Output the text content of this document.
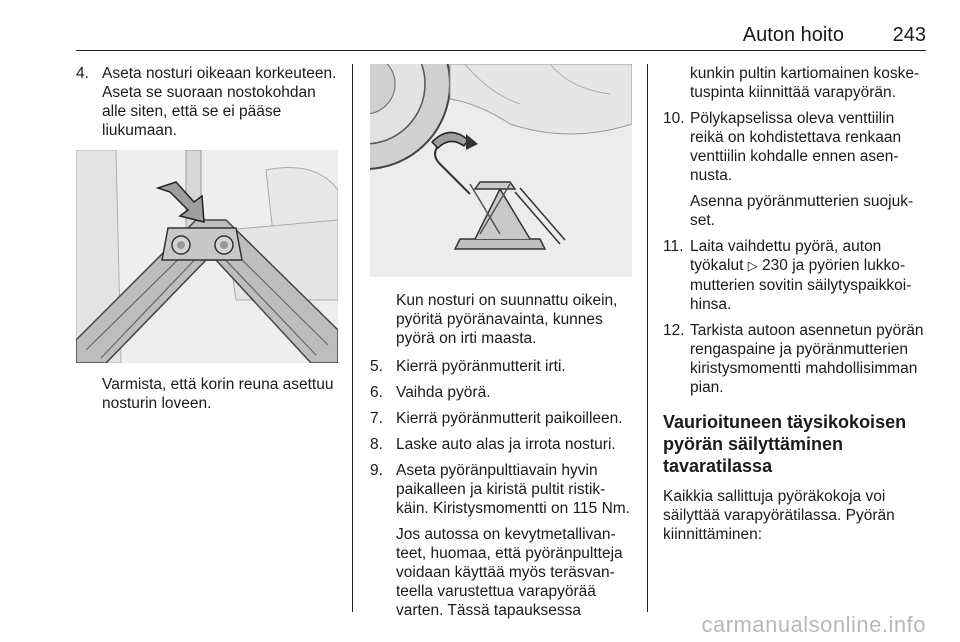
Auton hoito 243
4. Aseta nosturi oikeaan korkeuteen. Aseta se suoraan nostokohdan alle siten, että se ei pääse liukumaan.

Varmista, että korin reuna asettuu nosturin loveen.

Kun nosturi on suunnattu oikein, pyöritä pyöränavainta, kunnes pyörä on irti maasta.

5. Kierrä pyöränmutterit irti.

6. Vaihda pyörä.

7. Kierrä pyöränmutterit paikoilleen.

8. Laske auto alas ja irrota nosturi.

9. Aseta pyöränpulttiavain hyvin paikalleen ja kiristä pultit ristikkäin. Kiristysmomentti on 115 Nm.

Jos autossa on kevytmetallivanteet, huomaa, että pyöränpultteja voidaan käyttää myös teräsvanteella varustettua varapyörää varten. Tässä tapauksessa

kunkin pultin kartiomainen kosketuspinta kiinnittää varapyörän.

10. Pölykapselissa oleva venttiilin reikä on kohdistettava renkaan venttiilin kohdalle ennen asennusta.

Asenna pyöränmutterien suojukset.

11. Laita vaihdettu pyörä, auton työkalut ▷ 230 ja pyörien lukkomutterien sovitin säilytyspaikkoihinsa.

12. Tarkista autoon asennetun pyörän rengaspaine ja pyöränmutterien kiristysmomentti mahdollisimman pian.

Vaurioituneen täysikokoisen pyörän säilyttäminen tavaratilassa

Kaikkia sallittuja pyöräkokoja voi säilyttää varapyörätilassa. Pyörän kiinnittäminen:

carmanualsonline.info
